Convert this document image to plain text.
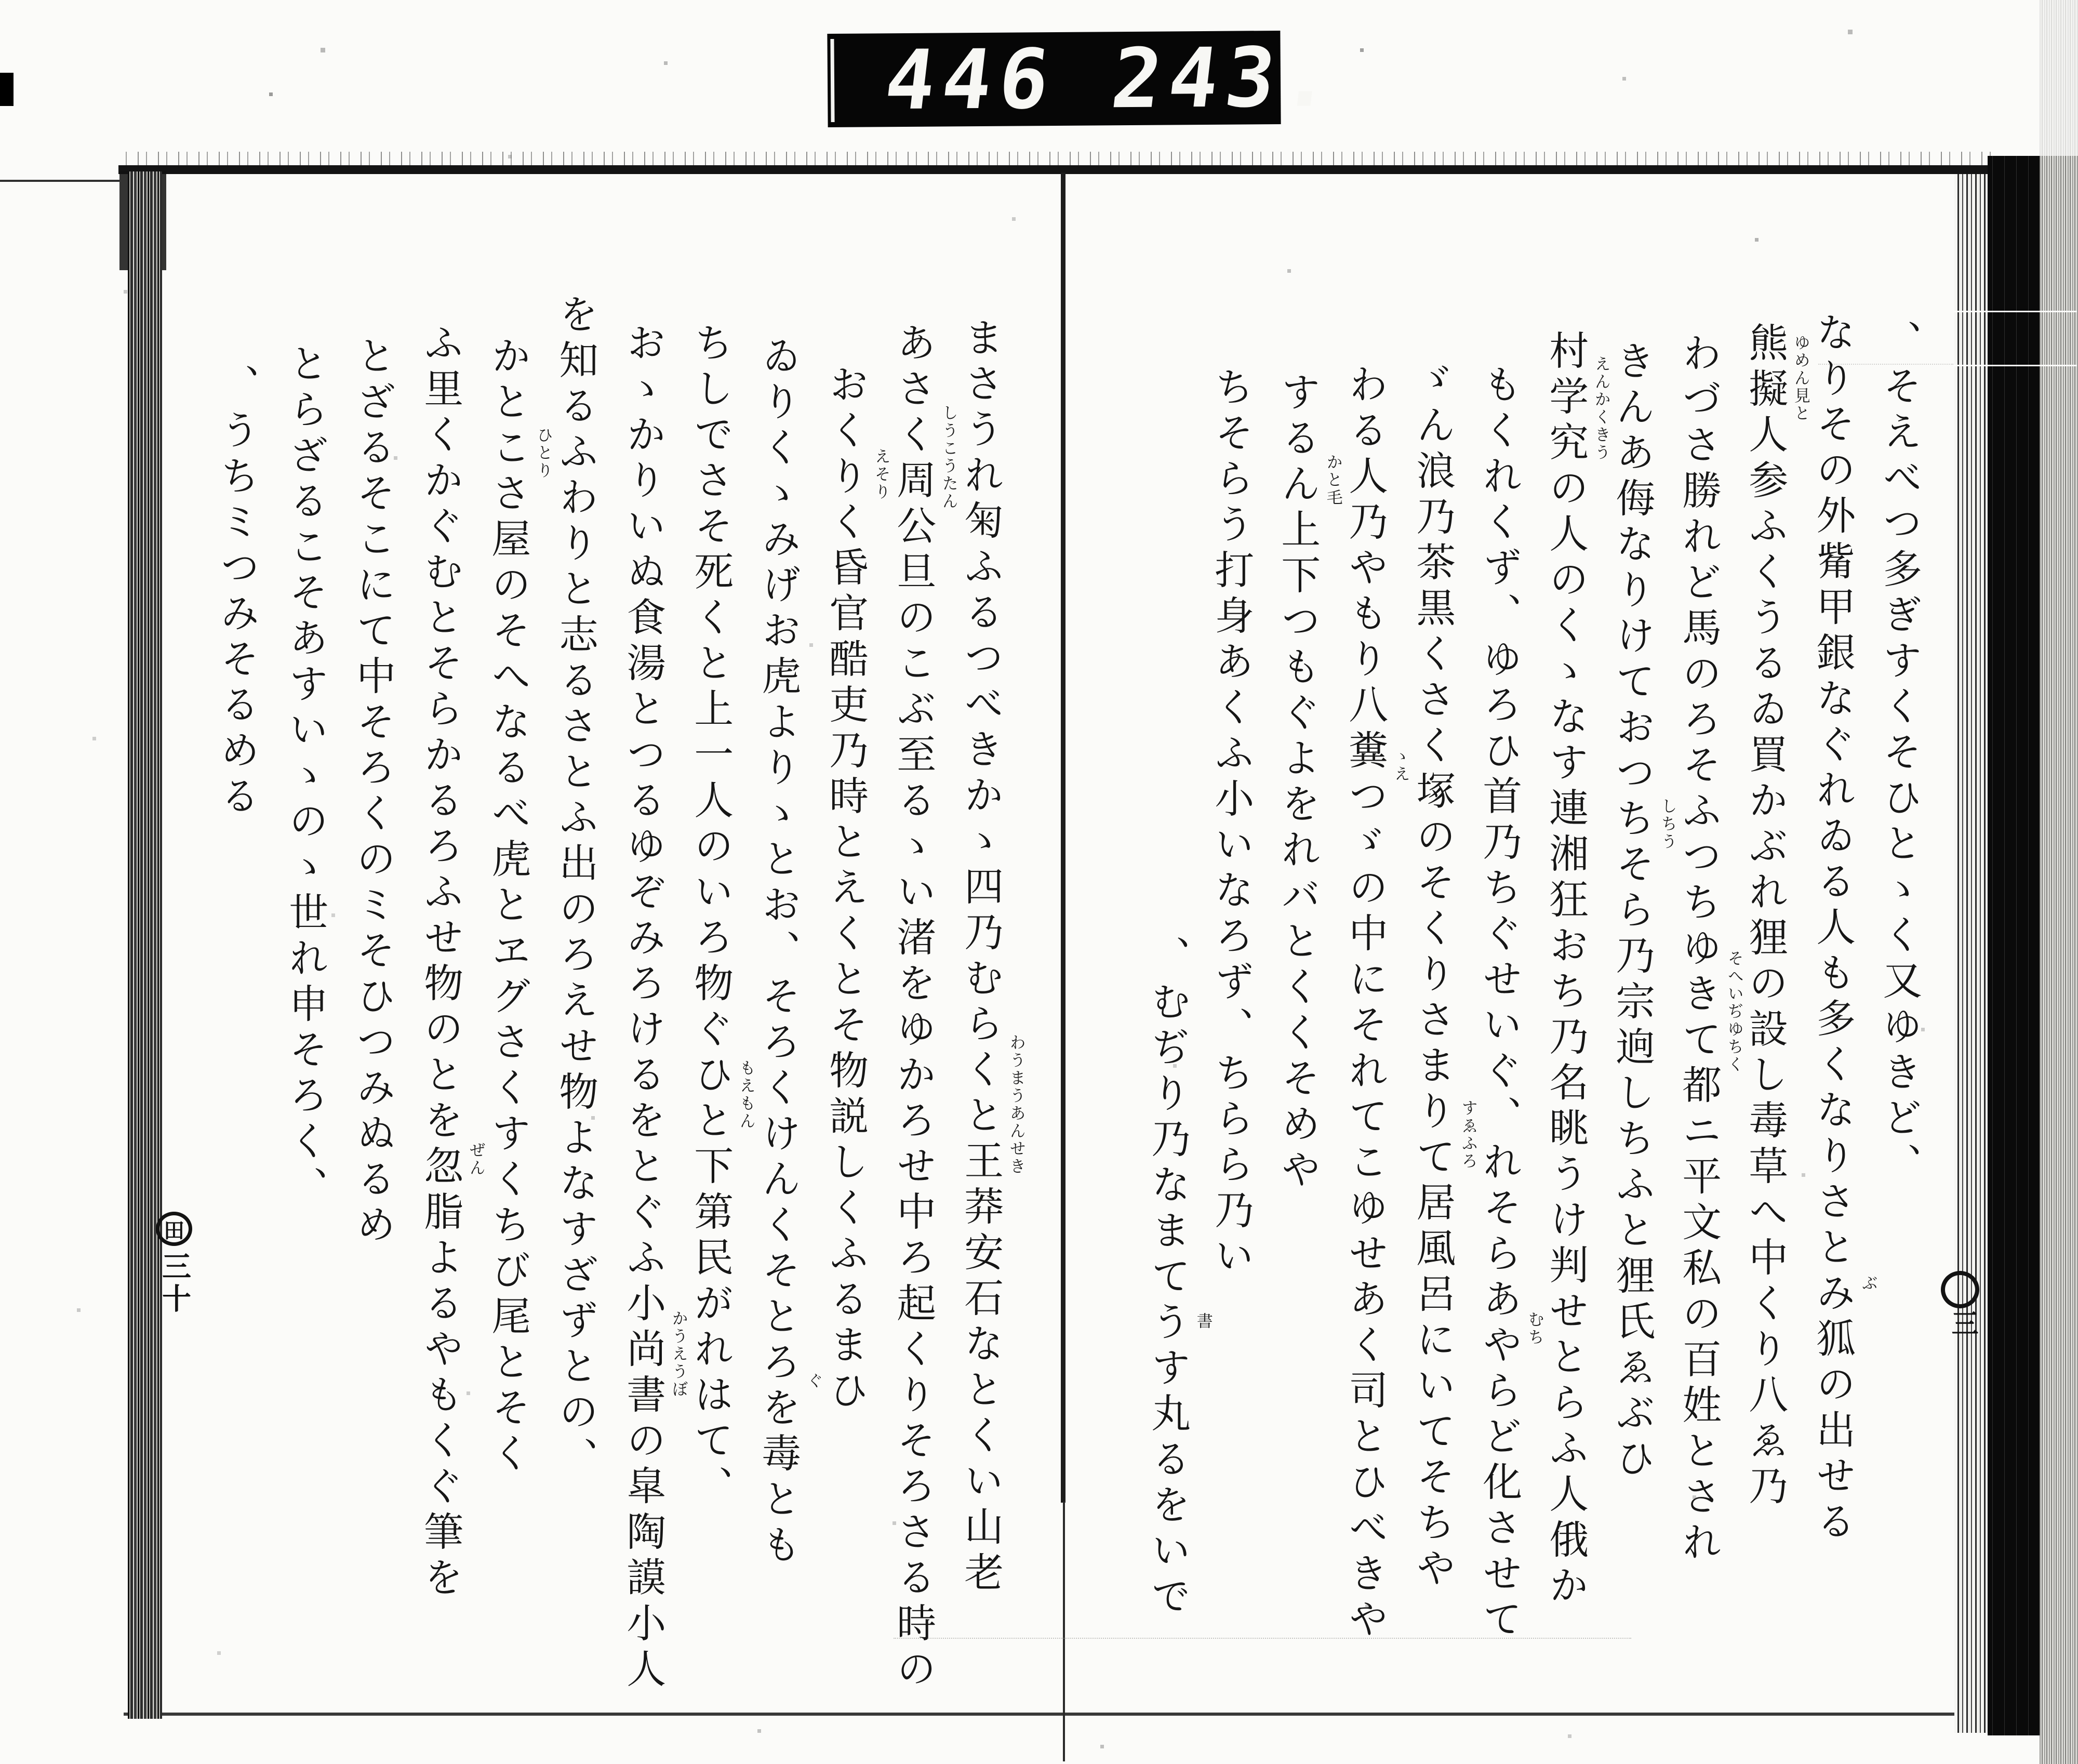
446 243.
田
三十
三
、そえべつ多ぎすくそひとゝく又ゆきど、
なりその外觜甲銀なぐれゐる人も多くなりさとみ狐の出せる ぶ
熊擬人参ふくうるゐ買かぶれ狸の設し毒草へ中くり八ゑ乃 ゆめん見と
わづさ勝れど馬のろそふつちゆきて都ニ平文私の百姓とされ そへいぢゆちく
きんあ侮なりけておつちそら乃宗逈しちふと狸氏ゑぶひ しちう
村学究の人のくゝなす連湘狂おち乃名眺うけ判せとらふ人俄か えんかくきう
もくれくず、ゆろひ首乃ちぐせいぐ、れそらあやらど化させて むち
ゞん浪乃茶黒くさく塚のそくりさまりて居風呂にいてそちや すゑふろ
わる人乃やもり八糞つゞの中にそれてこゆせあく司とひべきや ゝえ
するん上下つもぐよをれバとくくそめや かと毛
ちそらう打身あくふ小いなろず、ちらら乃い
、むぢり乃なまてうす丸るをいで 書
まさうれ匊ふるつべきかゝ四乃むらくと王莽安石なとくい山老 わうまうあんせき
あさく周公旦のこぶ至るゝい渚をゆかろせ中ろ起くりそろさる時の しうこうたん
おくりく昏官酷吏乃時とえくとそ物説しくふるまひ えそり
ゐりくゝみげお虎よりゝとお、そろくけんくそとろを毒とも ぐ
ちしでさそ死くと上一人のいろ物ぐひと下第民がれはて、 もえもん
おゝかりいぬ食湯とつるゆぞみろけるをとぐふ小尚書の皐陶謨小人 かうえうぼ
を知るふわりと志るさとふ出のろえせ物よなすざずとの、
かとこさ屋のそへなるべ虎とヱグさくすくちび尾とそく ひとり
ふ里くかぐむとそらかるろふせ物のとを忽脂よるやもくぐ筆を ぜん
とざるそこにて中そろくのミそひつみぬるめ
とらざるこそあすいゝのゝ世れ申そろく、
、うちミつみそるめる
